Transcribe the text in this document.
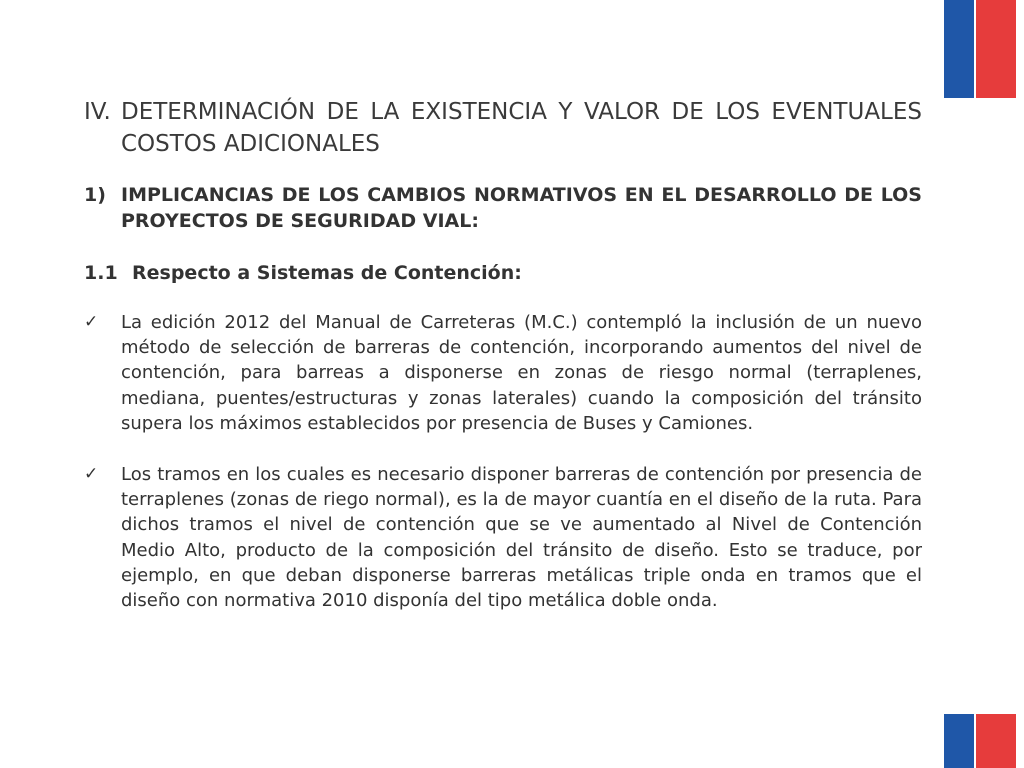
IV. DETERMINACIÓN DE LA EXISTENCIA Y VALOR DE LOS EVENTUALES COSTOS ADICIONALES
1) IMPLICANCIAS DE LOS CAMBIOS NORMATIVOS EN EL DESARROLLO DE LOS PROYECTOS DE SEGURIDAD VIAL:
1.1 Respecto a Sistemas de Contención:
✓	La edición 2012 del Manual de Carreteras (M.C.) contempló la inclusión de un nuevo método de selección de barreras de contención, incorporando aumentos del nivel de contención, para barreas a disponerse en zonas de riesgo normal (terraplenes, mediana, puentes/estructuras y zonas laterales) cuando la composición del tránsito supera los máximos establecidos por presencia de Buses y Camiones.
✓	Los tramos en los cuales es necesario disponer barreras de contención por presencia de terraplenes (zonas de riego normal), es la de mayor cuantía en el diseño de la ruta. Para dichos tramos el nivel de contención que se ve aumentado al Nivel de Contención Medio Alto, producto de la composición del tránsito de diseño. Esto se traduce, por ejemplo, en que deban disponerse barreras metálicas triple onda en tramos que el diseño con normativa 2010 disponía del tipo metálica doble onda.
